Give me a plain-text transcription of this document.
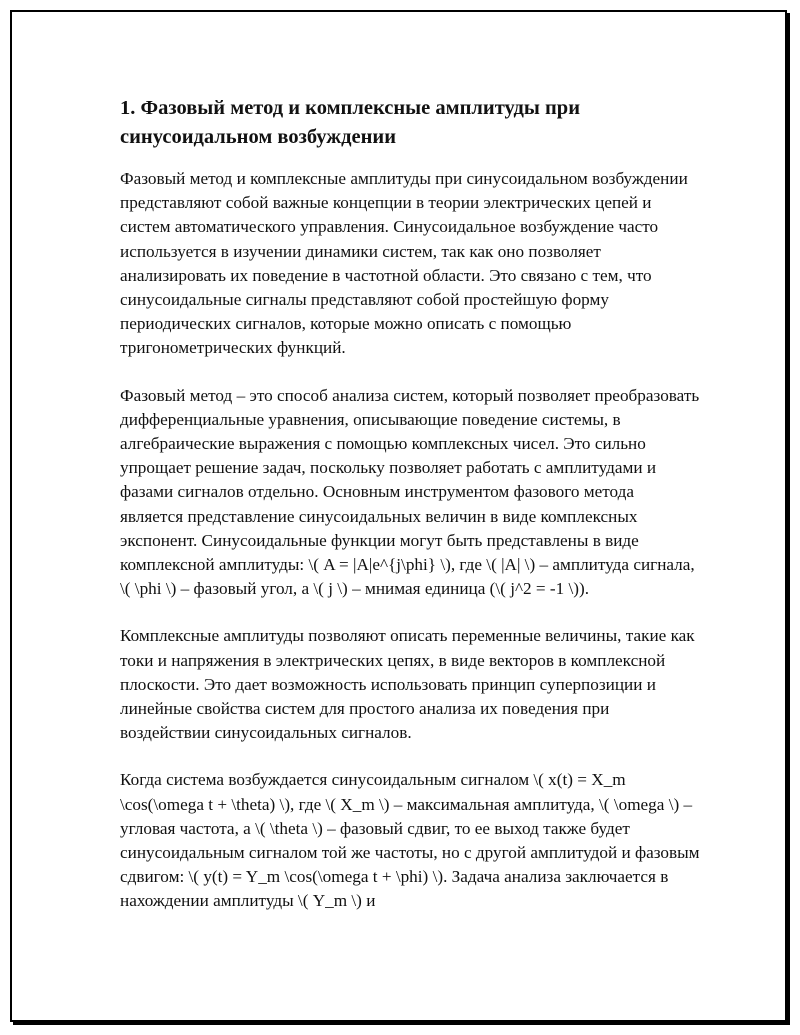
1. Фазовый метод и комплексные амплитуды при синусоидальном возбуждении

Фазовый метод и комплексные амплитуды при синусоидальном возбуждении представляют собой важные концепции в теории электрических цепей и систем автоматического управления. Синусоидальное возбуждение часто используется в изучении динамики систем, так как оно позволяет анализировать их поведение в частотной области. Это связано с тем, что синусоидальные сигналы представляют собой простейшую форму периодических сигналов, которые можно описать с помощью тригонометрических функций.

Фазовый метод – это способ анализа систем, который позволяет преобразовать дифференциальные уравнения, описывающие поведение системы, в алгебраические выражения с помощью комплексных чисел. Это сильно упрощает решение задач, поскольку позволяет работать с амплитудами и фазами сигналов отдельно. Основным инструментом фазового метода является представление синусоидальных величин в виде комплексных экспонент. Синусоидальные функции могут быть представлены в виде комплексной амплитуды: \( A = |A|e^{j\phi} \), где \( |A| \) – амплитуда сигнала, \( \phi \) – фазовый угол, а \( j \) – мнимая единица (\( j^2 = -1 \)).

Комплексные амплитуды позволяют описать переменные величины, такие как токи и напряжения в электрических цепях, в виде векторов в комплексной плоскости. Это дает возможность использовать принцип суперпозиции и линейные свойства систем для простого анализа их поведения при воздействии синусоидальных сигналов.

Когда система возбуждается синусоидальным сигналом \( x(t) = X_m \cos(\omega t + \theta) \), где \( X_m \) – максимальная амплитуда, \( \omega \) – угловая частота, а \( \theta \) – фазовый сдвиг, то ее выход также будет синусоидальным сигналом той же частоты, но с другой амплитудой и фазовым сдвигом: \( y(t) = Y_m \cos(\omega t + \phi) \). Задача анализа заключается в нахождении амплитуды \( Y_m \) и
